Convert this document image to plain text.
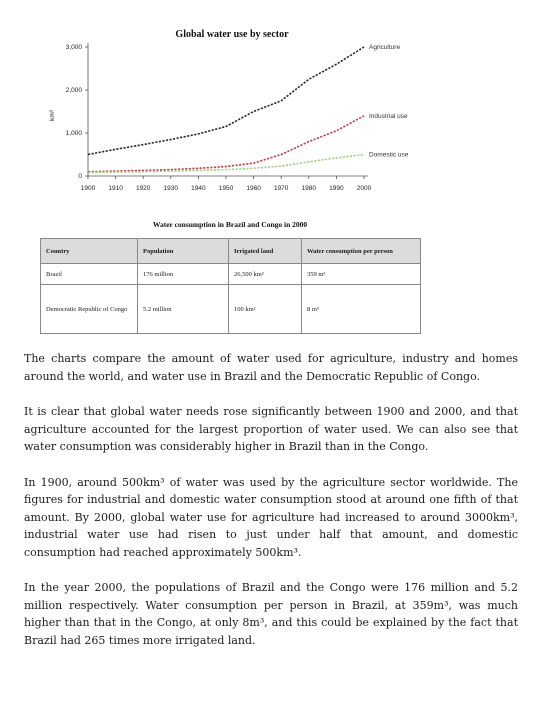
Global water use by sector
3,000
2,000
1,000
0
1900 1910 1920 1930 1940 1950 1960 1970 1980 1990 2000
km³
Agriculture
Industrial use
Domestic use
Water consumption in Brazil and Congo in 2000
Country	Population	Irrigated land	Water consumption per person
Brazil	176 million	26,500 km²	359 m³
Democratic Republic of Congo	5.2 million	100 km²	8 m³

The charts compare the amount of water used for agriculture, industry and homes around the world, and water use in Brazil and the Democratic Republic of Congo.

It is clear that global water needs rose significantly between 1900 and 2000, and that agriculture accounted for the largest proportion of water used. We can also see that water consumption was considerably higher in Brazil than in the Congo.

In 1900, around 500km³ of water was used by the agriculture sector worldwide. The figures for industrial and domestic water consumption stood at around one fifth of that amount. By 2000, global water use for agriculture had increased to around 3000km³, industrial water use had risen to just under half that amount, and domestic consumption had reached approximately 500km³.

In the year 2000, the populations of Brazil and the Congo were 176 million and 5.2 million respectively. Water consumption per person in Brazil, at 359m³, was much higher than that in the Congo, at only 8m³, and this could be explained by the fact that Brazil had 265 times more irrigated land.
